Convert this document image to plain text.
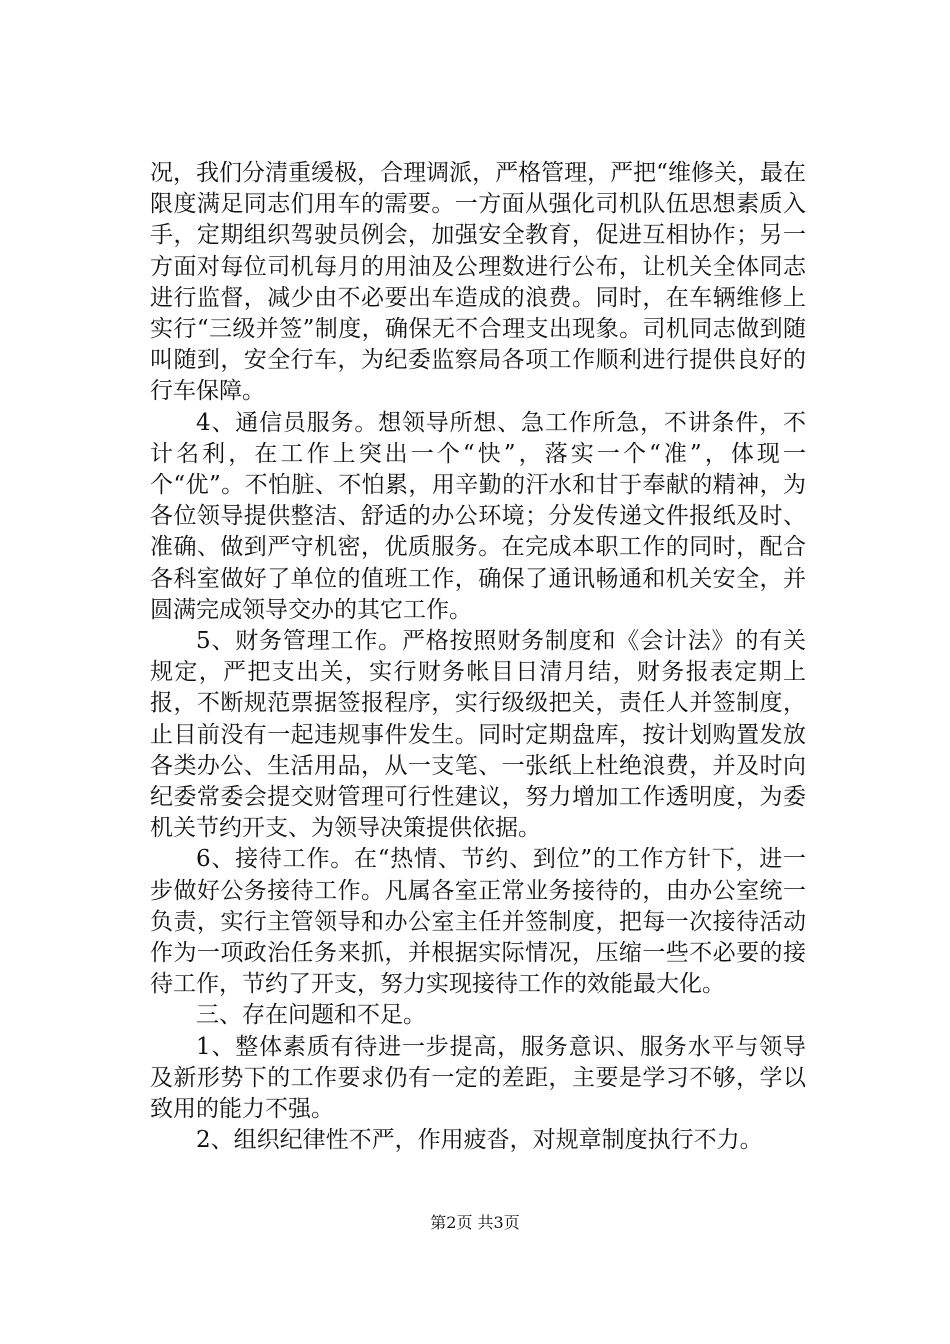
况，我们分清重缓极，合理调派，严格管理，严把“维修关，最在限度满足同志们用车的需要。一方面从强化司机队伍思想素质入手，定期组织驾驶员例会，加强安全教育，促进互相协作；另一方面对每位司机每月的用油及公理数进行公布，让机关全体同志进行监督，减少由不必要出车造成的浪费。同时，在车辆维修上实行“三级并签”制度，确保无不合理支出现象。司机同志做到随叫随到，安全行车，为纪委监察局各项工作顺利进行提供良好的行车保障。

4、通信员服务。想领导所想、急工作所急，不讲条件，不计名利，在工作上突出一个“快”，落实一个“准”，体现一个“优”。不怕脏、不怕累，用辛勤的汗水和甘于奉献的精神，为各位领导提供整洁、舒适的办公环境；分发传递文件报纸及时、准确、做到严守机密，优质服务。在完成本职工作的同时，配合各科室做好了单位的值班工作，确保了通讯畅通和机关安全，并圆满完成领导交办的其它工作。

5、财务管理工作。严格按照财务制度和《会计法》的有关规定，严把支出关，实行财务帐目日清月结，财务报表定期上报，不断规范票据签报程序，实行级级把关，责任人并签制度，止目前没有一起违规事件发生。同时定期盘库，按计划购置发放各类办公、生活用品，从一支笔、一张纸上杜绝浪费，并及时向纪委常委会提交财管理可行性建议，努力增加工作透明度，为委机关节约开支、为领导决策提供依据。

6、接待工作。在“热情、节约、到位”的工作方针下，进一步做好公务接待工作。凡属各室正常业务接待的，由办公室统一负责，实行主管领导和办公室主任并签制度，把每一次接待活动作为一项政治任务来抓，并根据实际情况，压缩一些不必要的接待工作，节约了开支，努力实现接待工作的效能最大化。

三、存在问题和不足。

1、整体素质有待进一步提高，服务意识、服务水平与领导及新形势下的工作要求仍有一定的差距，主要是学习不够，学以致用的能力不强。

2、组织纪律性不严，作用疲沓，对规章制度执行不力。

第2页 共3页
